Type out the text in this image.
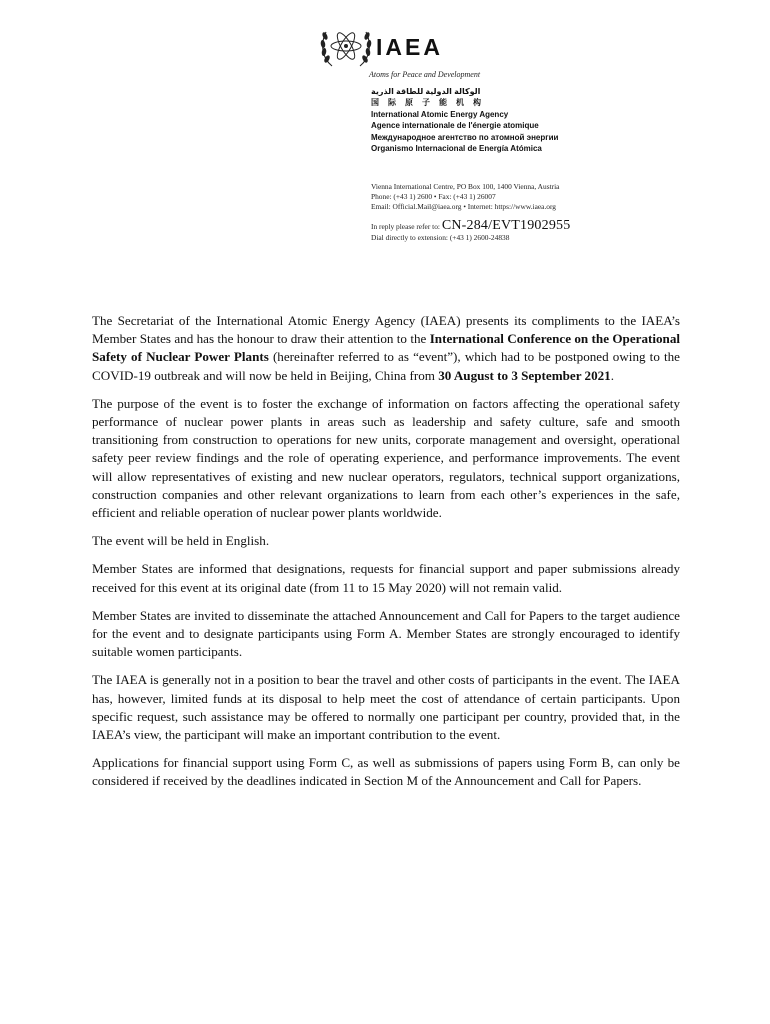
IAEA
Atoms for Peace and Development
الوكالة الدولية للطاقة الذرية
国际原子能机构
International Atomic Energy Agency
Agence internationale de l'énergie atomique
Международное агентство по атомной энергии
Organismo Internacional de Energía Atómica
Vienna International Centre, PO Box 100, 1400 Vienna, Austria
Phone: (+43 1) 2600 • Fax: (+43 1) 26007
Email: Official.Mail@iaea.org • Internet: https://www.iaea.org
In reply please refer to: CN-284/EVT1902955
Dial directly to extension: (+43 1) 2600-24838

The Secretariat of the International Atomic Energy Agency (IAEA) presents its compliments to the IAEA’s Member States and has the honour to draw their attention to the International Conference on the Operational Safety of Nuclear Power Plants (hereinafter referred to as “event”), which had to be postponed owing to the COVID-19 outbreak and will now be held in Beijing, China from 30 August to 3 September 2021.

The purpose of the event is to foster the exchange of information on factors affecting the operational safety performance of nuclear power plants in areas such as leadership and safety culture, safe and smooth transitioning from construction to operations for new units, corporate management and oversight, operational safety peer review findings and the role of operating experience, and performance improvements. The event will allow representatives of existing and new nuclear operators, regulators, technical support organizations, construction companies and other relevant organizations to learn from each other’s experiences in the safe, efficient and reliable operation of nuclear power plants worldwide.

The event will be held in English.

Member States are informed that designations, requests for financial support and paper submissions already received for this event at its original date (from 11 to 15 May 2020) will not remain valid.

Member States are invited to disseminate the attached Announcement and Call for Papers to the target audience for the event and to designate participants using Form A. Member States are strongly encouraged to identify suitable women participants.

The IAEA is generally not in a position to bear the travel and other costs of participants in the event. The IAEA has, however, limited funds at its disposal to help meet the cost of attendance of certain participants. Upon specific request, such assistance may be offered to normally one participant per country, provided that, in the IAEA’s view, the participant will make an important contribution to the event.

Applications for financial support using Form C, as well as submissions of papers using Form B, can only be considered if received by the deadlines indicated in Section M of the Announcement and Call for Papers.
